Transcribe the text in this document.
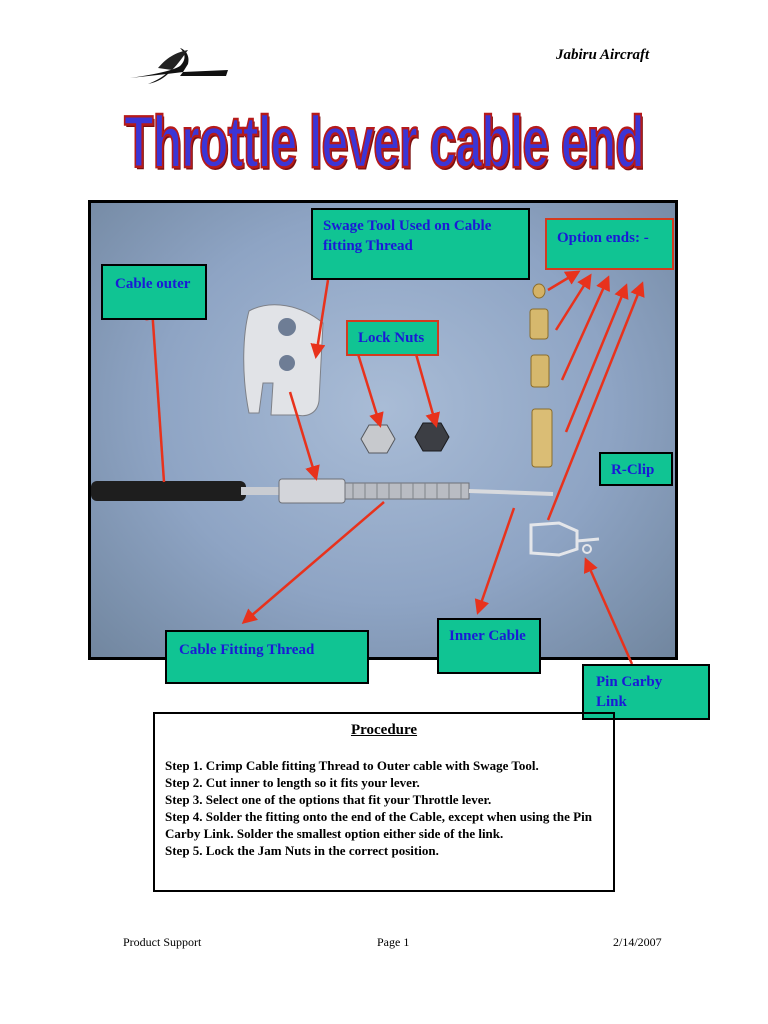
Jabiru Aircraft
Throttle lever cable end
Swage Tool Used on Cable fitting Thread	Option ends: -
Cable outer
Lock Nuts
R-Clip
Cable Fitting Thread
Inner Cable
Pin Carby Link
Procedure
Step 1. Crimp Cable fitting Thread to Outer cable with Swage Tool.
Step 2. Cut inner to length so it fits your lever.
Step 3. Select one of the options that fit your Throttle lever.
Step 4. Solder the fitting onto the end of the Cable, except when using the Pin Carby Link. Solder the smallest option either side of the link.
Step 5. Lock the Jam Nuts in the correct position.
Product Support	Page 1	2/14/2007
